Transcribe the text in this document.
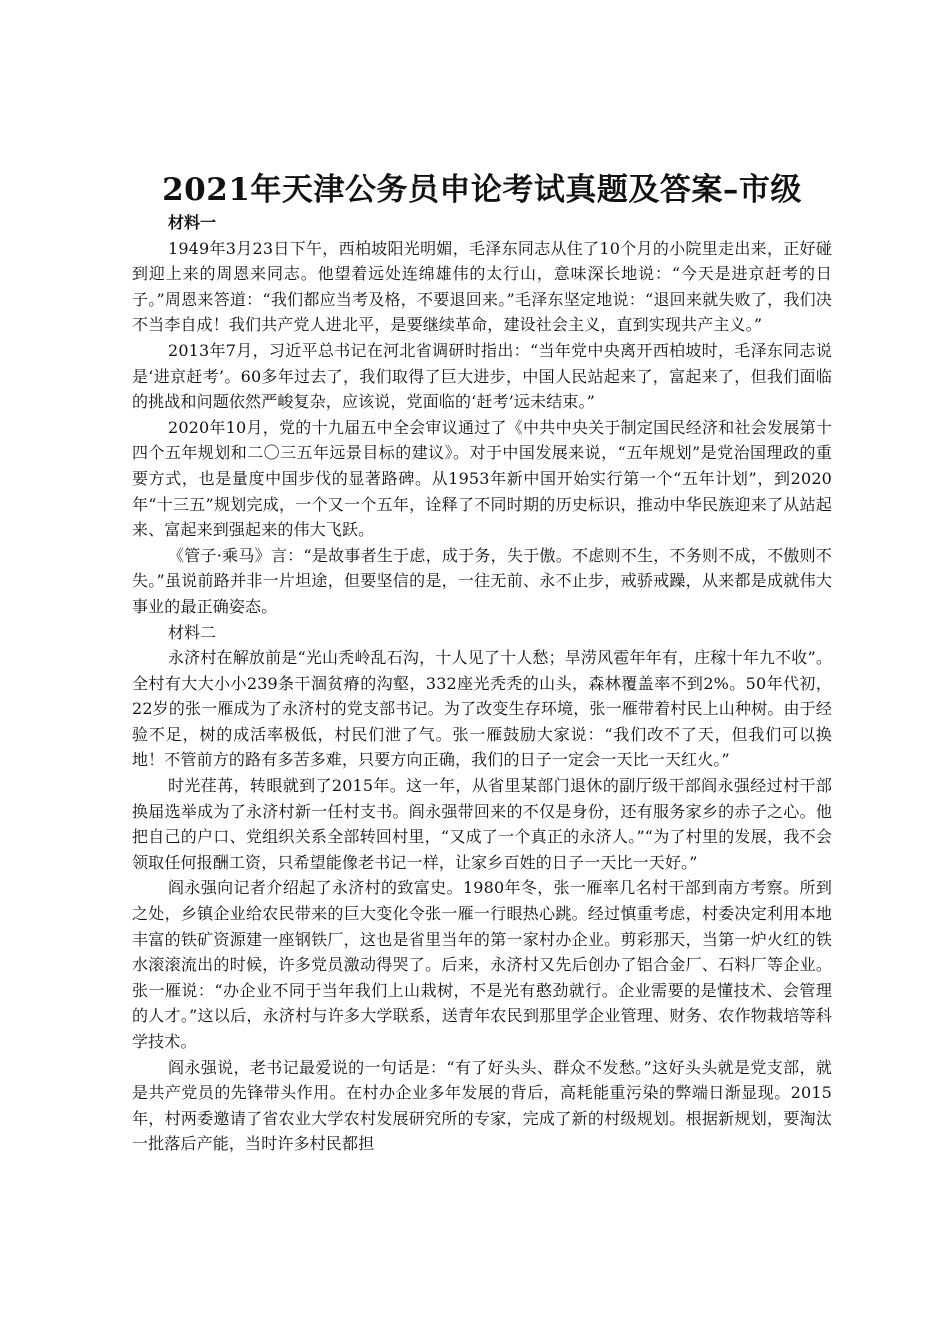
2021年天津公务员申论考试真题及答案–市级

材料一

1949年3月23日下午，西柏坡阳光明媚，毛泽东同志从住了10个月的小院里走出来，正好碰到迎上来的周恩来同志。他望着远处连绵雄伟的太行山，意味深长地说：“今天是进京赶考的日子。”周恩来答道：“我们都应当考及格，不要退回来。”毛泽东坚定地说：“退回来就失败了，我们决不当李自成！我们共产党人进北平，是要继续革命，建设社会主义，直到实现共产主义。”

2013年7月，习近平总书记在河北省调研时指出：“当年党中央离开西柏坡时，毛泽东同志说是‘进京赶考’。60多年过去了，我们取得了巨大进步，中国人民站起来了，富起来了，但我们面临的挑战和问题依然严峻复杂，应该说，党面临的‘赶考’远未结束。”

2020年10月，党的十九届五中全会审议通过了《中共中央关于制定国民经济和社会发展第十四个五年规划和二〇三五年远景目标的建议》。对于中国发展来说，“五年规划”是党治国理政的重要方式，也是量度中国步伐的显著路碑。从1953年新中国开始实行第一个“五年计划”，到2020年“十三五”规划完成，一个又一个五年，诠释了不同时期的历史标识，推动中华民族迎来了从站起来、富起来到强起来的伟大飞跃。

《管子·乘马》言：“是故事者生于虑，成于务，失于傲。不虑则不生，不务则不成，不傲则不失。”虽说前路并非一片坦途，但要坚信的是，一往无前、永不止步，戒骄戒躁，从来都是成就伟大事业的最正确姿态。

材料二

永济村在解放前是“光山秃岭乱石沟，十人见了十人愁；旱涝风雹年年有，庄稼十年九不收”。全村有大大小小239条干涸贫瘠的沟壑，332座光秃秃的山头，森林覆盖率不到2%。50年代初，22岁的张一雁成为了永济村的党支部书记。为了改变生存环境，张一雁带着村民上山种树。由于经验不足，树的成活率极低，村民们泄了气。张一雁鼓励大家说：“我们改不了天，但我们可以换地！不管前方的路有多苦多难，只要方向正确，我们的日子一定会一天比一天红火。”

时光荏苒，转眼就到了2015年。这一年，从省里某部门退休的副厅级干部阎永强经过村干部换届选举成为了永济村新一任村支书。阎永强带回来的不仅是身份，还有服务家乡的赤子之心。他把自己的户口、党组织关系全部转回村里，“又成了一个真正的永济人。”“为了村里的发展，我不会领取任何报酬工资，只希望能像老书记一样，让家乡百姓的日子一天比一天好。”

阎永强向记者介绍起了永济村的致富史。1980年冬，张一雁率几名村干部到南方考察。所到之处，乡镇企业给农民带来的巨大变化令张一雁一行眼热心跳。经过慎重考虑，村委决定利用本地丰富的铁矿资源建一座钢铁厂，这也是省里当年的第一家村办企业。剪彩那天，当第一炉火红的铁水滚滚流出的时候，许多党员激动得哭了。后来，永济村又先后创办了铝合金厂、石料厂等企业。张一雁说：“办企业不同于当年我们上山栽树，不是光有憨劲就行。企业需要的是懂技术、会管理的人才。”这以后，永济村与许多大学联系，送青年农民到那里学企业管理、财务、农作物栽培等科学技术。

阎永强说，老书记最爱说的一句话是：“有了好头头、群众不发愁。”这好头头就是党支部，就是共产党员的先锋带头作用。在村办企业多年发展的背后，高耗能重污染的弊端日渐显现。2015年，村两委邀请了省农业大学农村发展研究所的专家，完成了新的村级规划。根据新规划，要淘汰一批落后产能，当时许多村民都担
